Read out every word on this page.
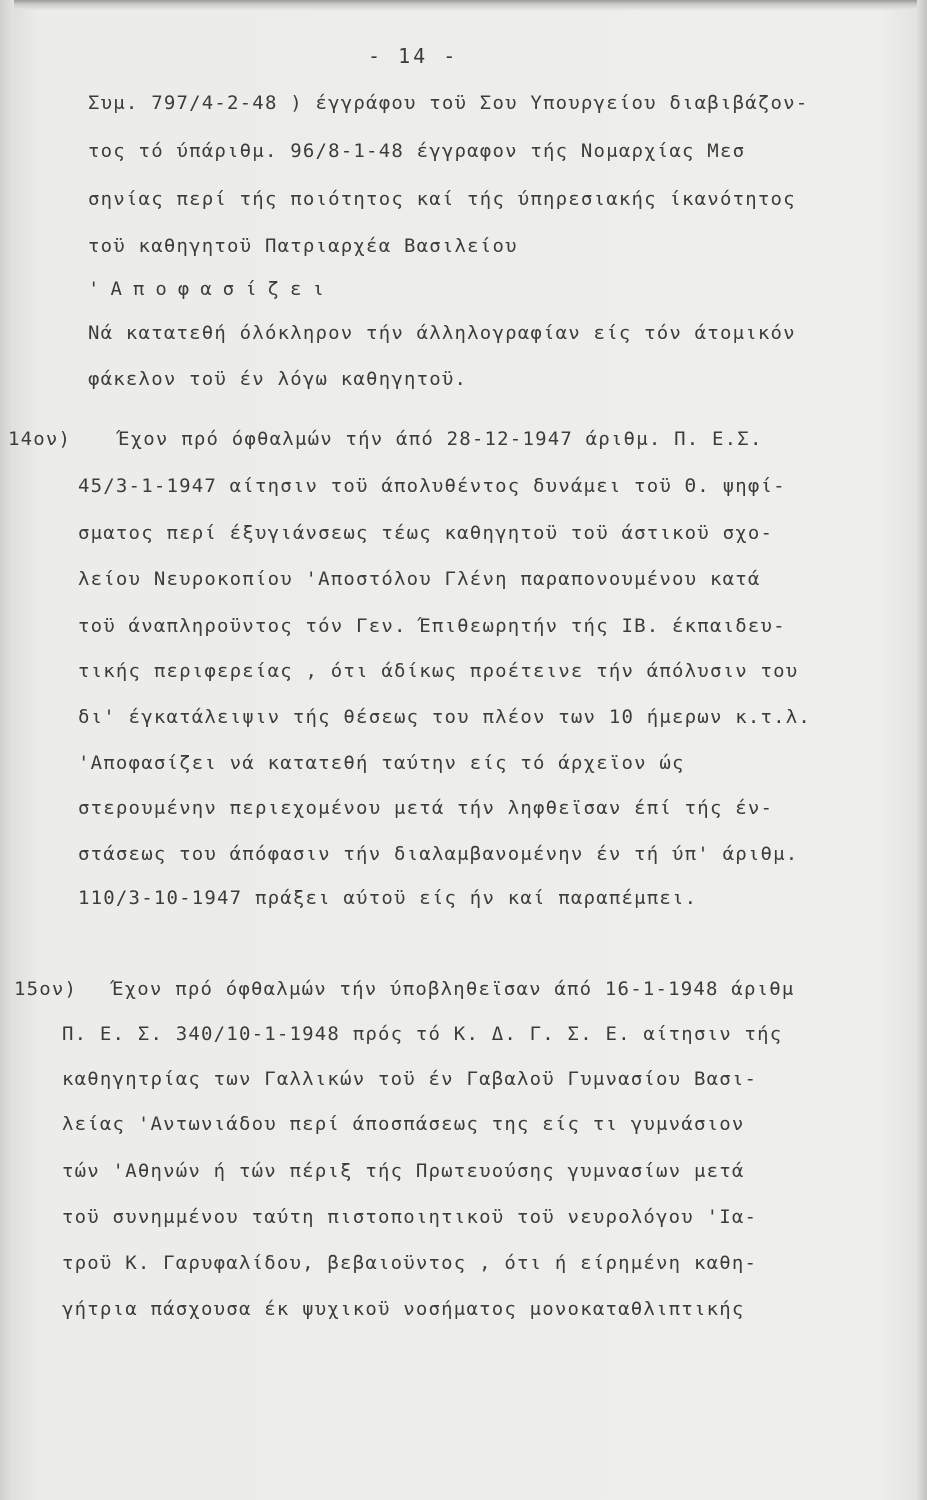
- 14 -
Συμ. 797/4-2-48 ) έγγράφου τοϋ Σου Υπουργείου διαβιβάζον-
τος τό ύπάριθμ. 96/8-1-48 έγγραφον τής Νομαρχίας Μεσ
σηνίας περί τής ποιότητος καί τής ύπηρεσιακής ίκανότητος
τοϋ καθηγητοϋ Πατριαρχέα Βασιλείου
'Αποφασίζει
Νά κατατεθή όλόκληρον τήν άλληλογραφίαν είς τόν άτομικόν
φάκελον τοϋ έν λόγω καθηγητοϋ.
14ον) Έχον πρό όφθαλμών τήν άπό 28-12-1947 άριθμ. Π. Ε.Σ.
45/3-1-1947 αίτησιν τοϋ άπολυθέντος δυνάμει τοϋ Θ. ψηφί-
σματος περί έξυγιάνσεως τέως καθηγητοϋ τοϋ άστικοϋ σχο-
λείου Νευροκοπίου 'Αποστόλου Γλένη παραπονουμένου κατά
τοϋ άναπληροϋντος τόν Γεν. Έπιθεωρητήν τής ΙΒ. έκπαιδευ-
τικής περιφερείας , ότι άδίκως προέτεινε τήν άπόλυσιν του
δι' έγκατάλειψιν τής θέσεως του πλέον των 10 ήμερων κ.τ.λ.
'Αποφασίζει νά κατατεθή ταύτην είς τό άρχεϊον ώς
στερουμένην περιεχομένου μετά τήν ληφθεϊσαν έπί τής έν-
στάσεως του άπόφασιν τήν διαλαμβανομένην έν τή ύπ' άριθμ.
110/3-10-1947 πράξει αύτοϋ είς ήν καί παραπέμπει.
15ον) Έχον πρό όφθαλμών τήν ύποβληθεϊσαν άπό 16-1-1948 άριθμ
Π. Ε. Σ. 340/10-1-1948 πρός τό Κ. Δ. Γ. Σ. Ε. αίτησιν τής
καθηγητρίας των Γαλλικών τοϋ έν Γαβαλοϋ Γυμνασίου Βασι-
λείας 'Αντωνιάδου περί άποσπάσεως της είς τι γυμνάσιον
τών 'Αθηνών ή τών πέριξ τής Πρωτευούσης γυμνασίων μετά
τοϋ συνημμένου ταύτη πιστοποιητικοϋ τοϋ νευρολόγου 'Ια-
τροϋ Κ. Γαρυφαλίδου, βεβαιοϋντος , ότι ή είρημένη καθη-
γήτρια πάσχουσα έκ ψυχικοϋ νοσήματος μονοκαταθλιπτικής
